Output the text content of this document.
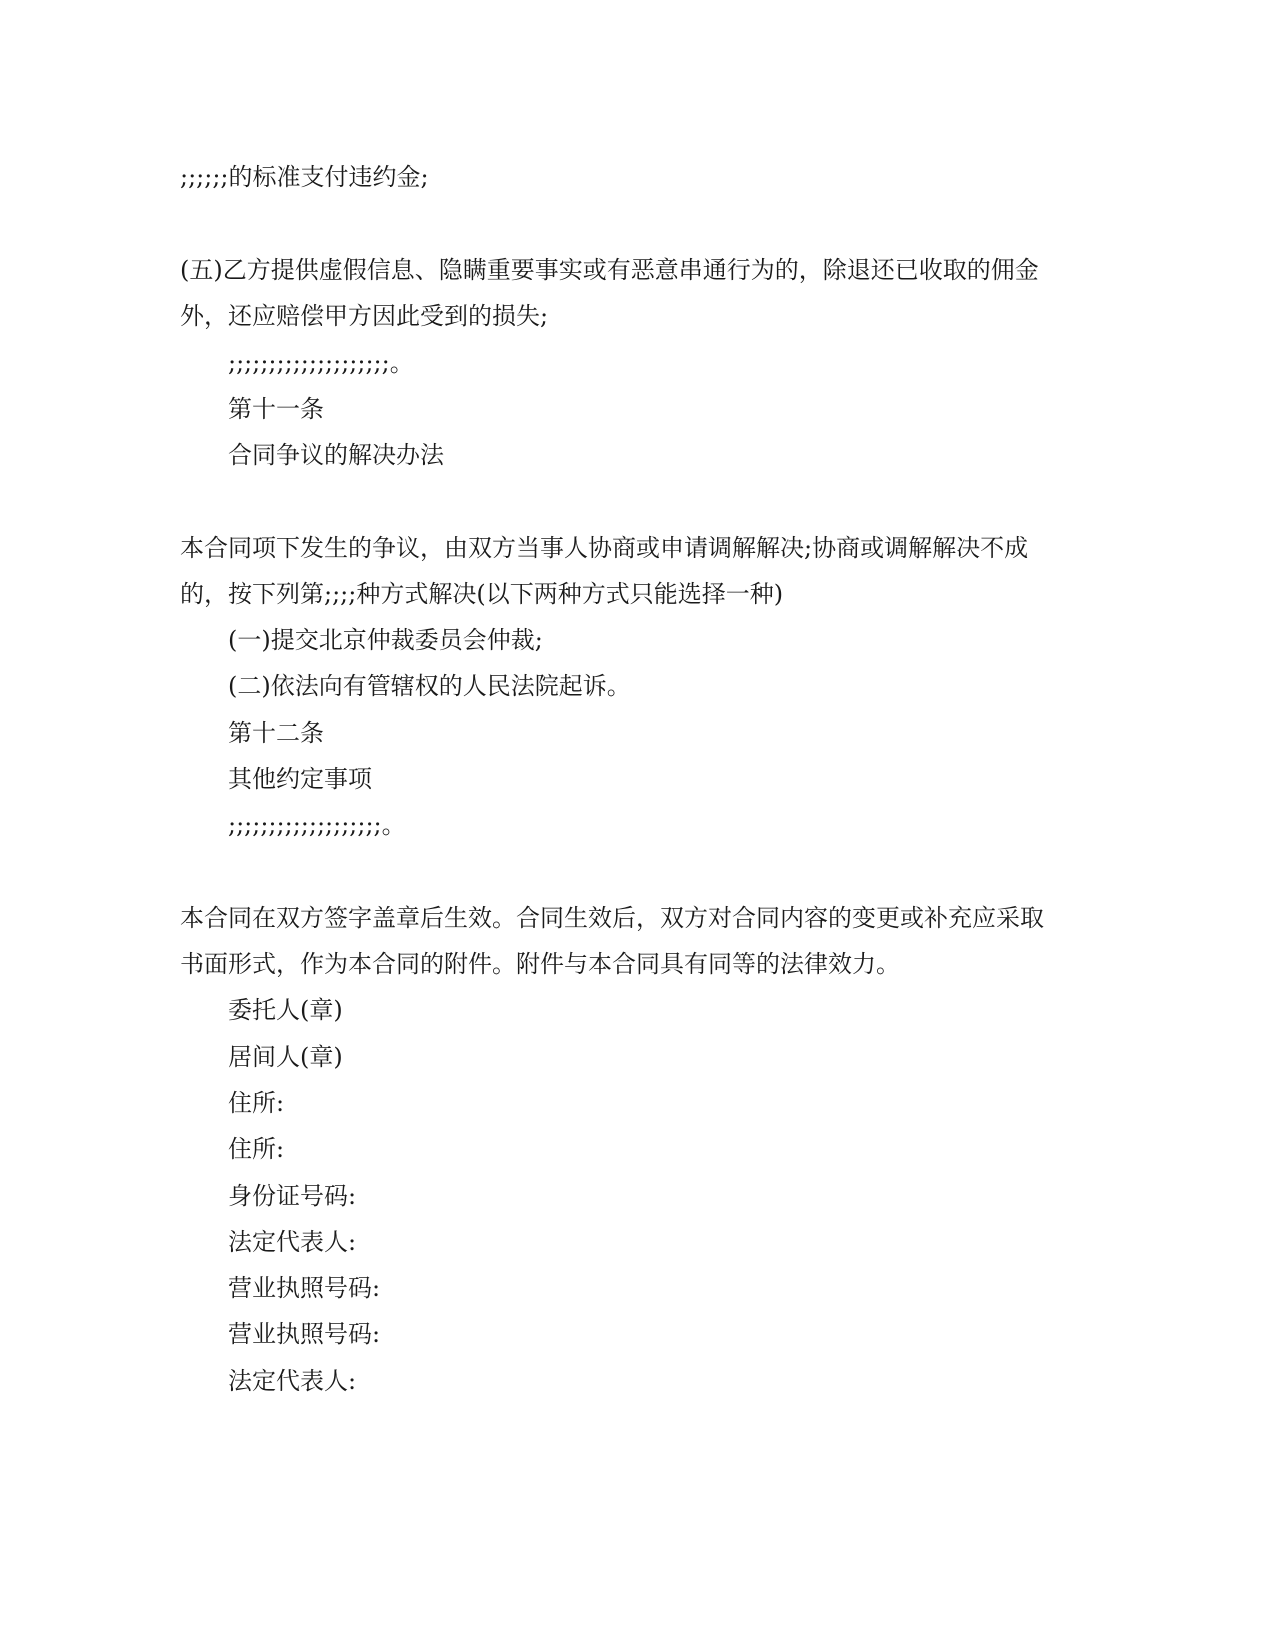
;;;;;;的标准支付违约金;
(五)乙方提供虚假信息、隐瞒重要事实或有恶意串通行为的，除退还已收取的佣金
外，还应赔偿甲方因此受到的损失;
;;;;;;;;;;;;;;;;;;;;。
第十一条
合同争议的解决办法
本合同项下发生的争议，由双方当事人协商或申请调解解决;协商或调解解决不成
的，按下列第;;;;种方式解决(以下两种方式只能选择一种)
(一)提交北京仲裁委员会仲裁;
(二)依法向有管辖权的人民法院起诉。
第十二条
其他约定事项
;;;;;;;;;;;;;;;;;;;。
本合同在双方签字盖章后生效。合同生效后，双方对合同内容的变更或补充应采取
书面形式，作为本合同的附件。附件与本合同具有同等的法律效力。
委托人(章)
居间人(章)
住所:
住所:
身份证号码:
法定代表人:
营业执照号码:
营业执照号码:
法定代表人:
